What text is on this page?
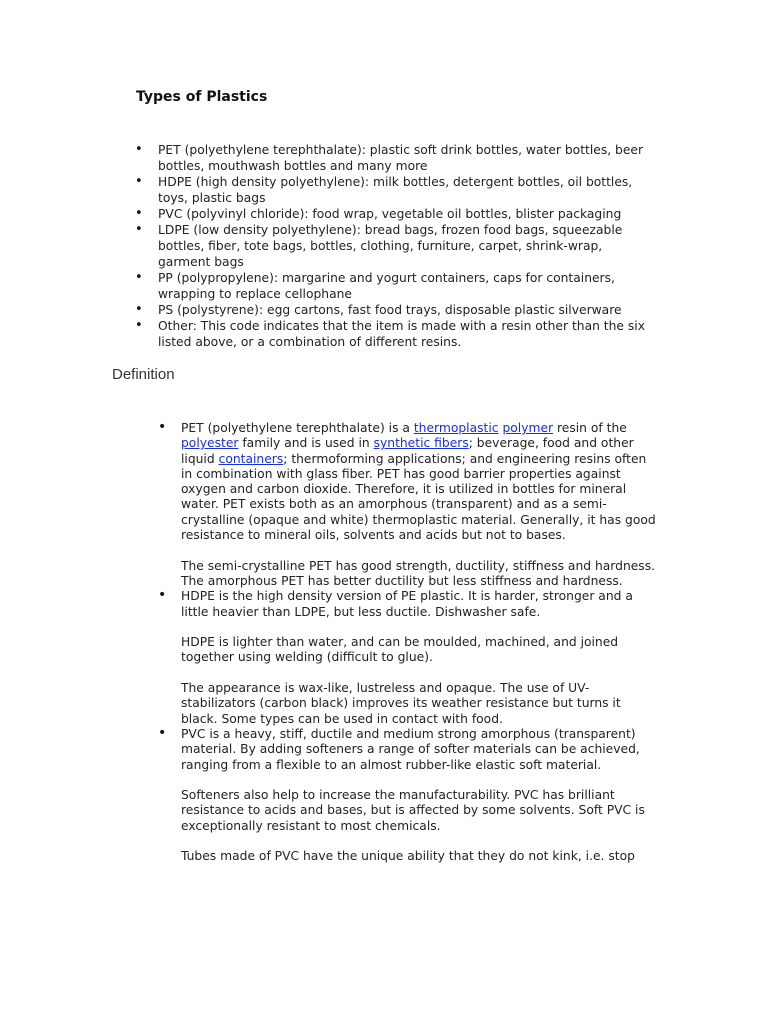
Types of Plastics
• PET (polyethylene terephthalate): plastic soft drink bottles, water bottles, beer bottles, mouthwash bottles and many more
• HDPE (high density polyethylene): milk bottles, detergent bottles, oil bottles, toys, plastic bags
• PVC (polyvinyl chloride): food wrap, vegetable oil bottles, blister packaging
• LDPE (low density polyethylene): bread bags, frozen food bags, squeezable bottles, fiber, tote bags, bottles, clothing, furniture, carpet, shrink-wrap, garment bags
• PP (polypropylene): margarine and yogurt containers, caps for containers, wrapping to replace cellophane
• PS (polystyrene): egg cartons, fast food trays, disposable plastic silverware
• Other: This code indicates that the item is made with a resin other than the six listed above, or a combination of different resins.
Definition

• PET (polyethylene terephthalate) is a thermoplastic polymer resin of the polyester family and is used in synthetic fibers; beverage, food and other liquid containers; thermoforming applications; and engineering resins often in combination with glass fiber. PET has good barrier properties against oxygen and carbon dioxide. Therefore, it is utilized in bottles for mineral water. PET exists both as an amorphous (transparent) and as a semi-crystalline (opaque and white) thermoplastic material. Generally, it has good resistance to mineral oils, solvents and acids but not to bases.

The semi-crystalline PET has good strength, ductility, stiffness and hardness. The amorphous PET has better ductility but less stiffness and hardness.

• HDPE is the high density version of PE plastic. It is harder, stronger and a little heavier than LDPE, but less ductile. Dishwasher safe.

HDPE is lighter than water, and can be moulded, machined, and joined together using welding (difficult to glue).

The appearance is wax-like, lustreless and opaque. The use of UV-stabilizators (carbon black) improves its weather resistance but turns it black. Some types can be used in contact with food.

• PVC is a heavy, stiff, ductile and medium strong amorphous (transparent) material. By adding softeners a range of softer materials can be achieved, ranging from a flexible to an almost rubber-like elastic soft material.

Softeners also help to increase the manufacturability. PVC has brilliant resistance to acids and bases, but is affected by some solvents. Soft PVC is exceptionally resistant to most chemicals.

Tubes made of PVC have the unique ability that they do not kink, i.e. stop
